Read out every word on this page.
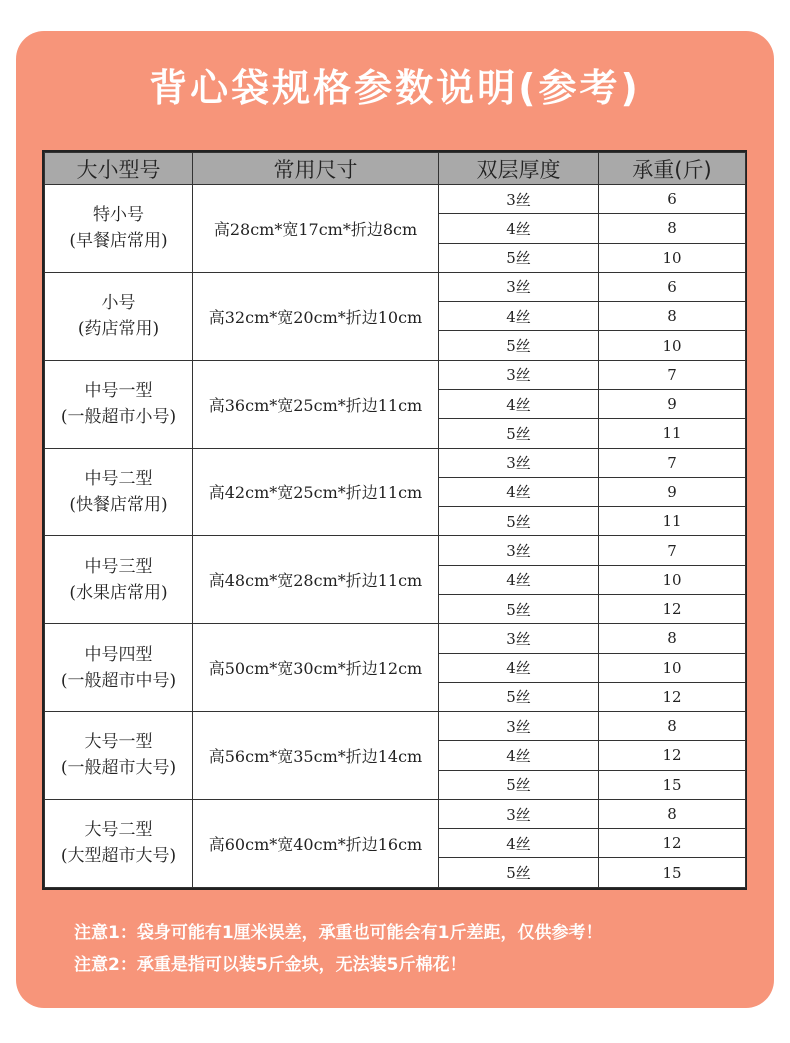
背心袋规格参数说明(参考)
大小型号	常用尺寸	双层厚度	承重(斤)

特小号
(早餐店常用)	高28cm*宽17cm*折边8cm	3丝	6
		4丝	8
		5丝	10

小号
(药店常用)	高32cm*宽20cm*折边10cm	3丝	6
		4丝	8
		5丝	10

中号一型
(一般超市小号)	高36cm*宽25cm*折边11cm	3丝	7
		4丝	9
		5丝	11

中号二型
(快餐店常用)	高42cm*宽25cm*折边11cm	3丝	7
		4丝	9
		5丝	11

中号三型
(水果店常用)	高48cm*宽28cm*折边11cm	3丝	7
		4丝	10
		5丝	12

中号四型
(一般超市中号)	高50cm*宽30cm*折边12cm	3丝	8
		4丝	10
		5丝	12

大号一型
(一般超市大号)	高56cm*宽35cm*折边14cm	3丝	8
		4丝	12
		5丝	15

大号二型
(大型超市大号)	高60cm*宽40cm*折边16cm	3丝	8
		4丝	12
		5丝	15
注意1：袋身可能有1厘米误差，承重也可能会有1斤差距，仅供参考！
注意2：承重是指可以装5斤金块，无法装5斤棉花！
